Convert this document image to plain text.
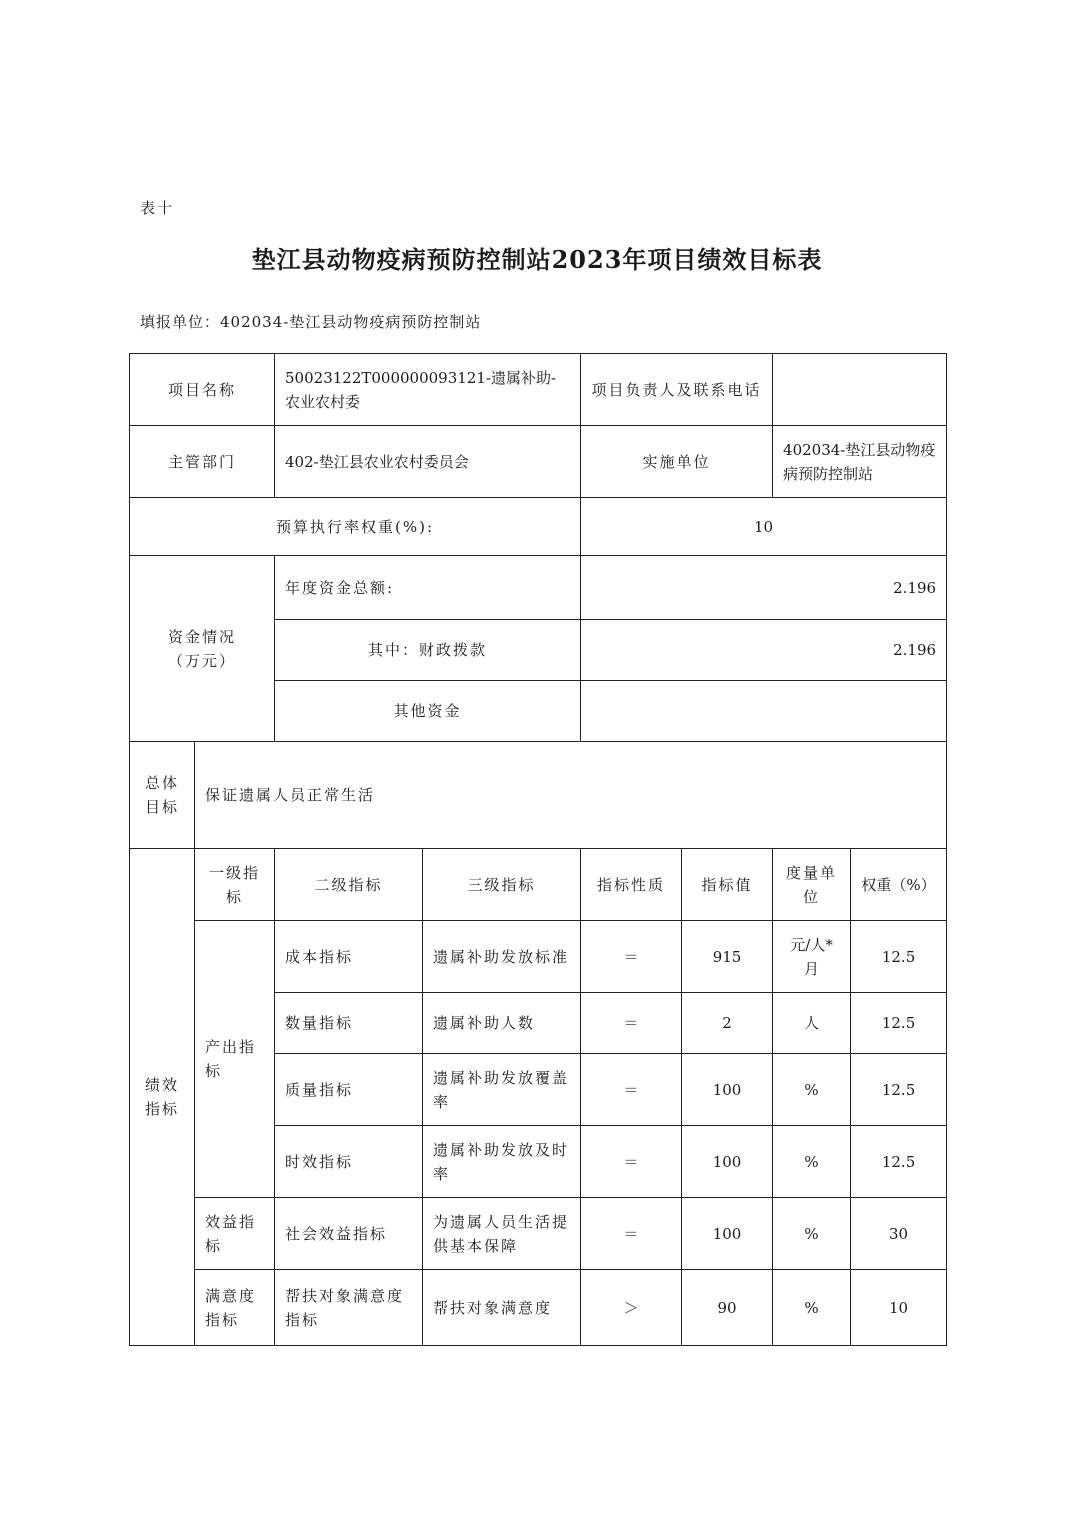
表十
垫江县动物疫病预防控制站2023年项目绩效目标表
填报单位：402034-垫江县动物疫病预防控制站
项目名称		50023122T000000093121-遗属补助-农业农村委		项目负责人及联系电话			
主管部门		402-垫江县农业农村委员会		实施单位		402034-垫江县动物疫病预防控制站	
预算执行率权重(%):				10			

资金情况
（万元）		年度资金总额:		2.196			
		其中：财政拨款		2.196			
		其他资金					
总体目标	保证遗属人员正常生活						
绩效指标	一级指标	二级指标	三级指标	指标性质	指标值	度量单位	权重（%）
	产出指标	成本指标	遗属补助发放标准	＝	915	元/人*月	12.5
		数量指标	遗属补助人数	＝	2	人	12.5
		质量指标	遗属补助发放覆盖率	＝	100	%	12.5
		时效指标	遗属补助发放及时率	＝	100	%	12.5
	效益指标	社会效益指标	为遗属人员生活提供基本保障	＝	100	%	30
	满意度指标	帮扶对象满意度指标	帮扶对象满意度	＞	90	%	10
